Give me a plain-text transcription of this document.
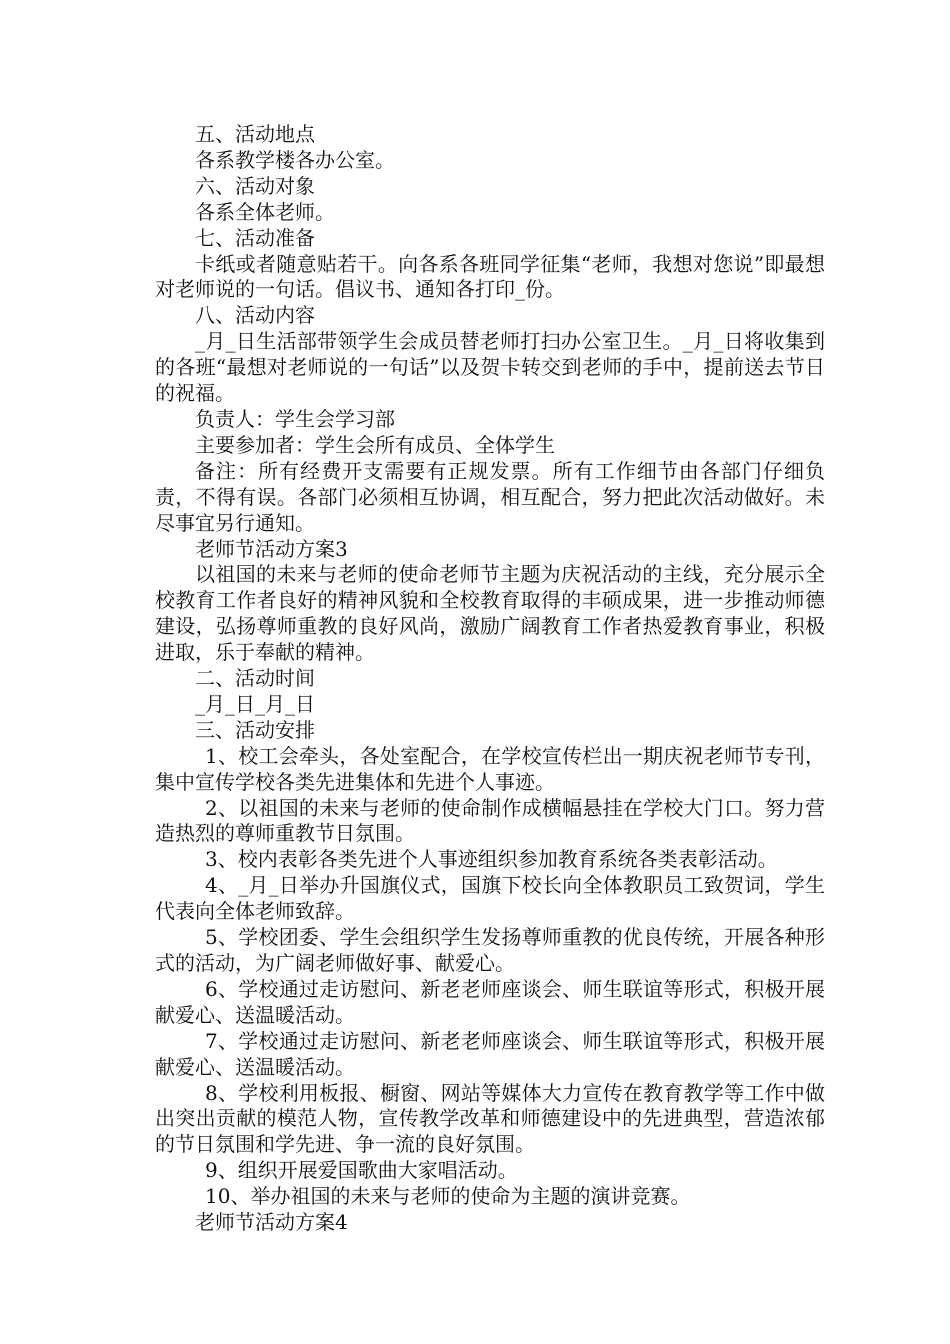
五、活动地点

各系教学楼各办公室。

六、活动对象

各系全体老师。

七、活动准备

卡纸或者随意贴若干。向各系各班同学征集“老师，我想对您说”即最想对老师说的一句话。倡议书、通知各打印_份。

八、活动内容

_月_日生活部带领学生会成员替老师打扫办公室卫生。_月_日将收集到的各班“最想对老师说的一句话”以及贺卡转交到老师的手中，提前送去节日的祝福。

负责人：学生会学习部

主要参加者：学生会所有成员、全体学生

备注：所有经费开支需要有正规发票。所有工作细节由各部门仔细负责，不得有误。各部门必须相互协调，相互配合，努力把此次活动做好。未尽事宜另行通知。

老师节活动方案3

以祖国的未来与老师的使命老师节主题为庆祝活动的主线，充分展示全校教育工作者良好的精神风貌和全校教育取得的丰硕成果，进一步推动师德建设，弘扬尊师重教的良好风尚，激励广阔教育工作者热爱教育事业，积极进取，乐于奉献的精神。

二、活动时间

_月_日_月_日

三、活动安排

1、校工会牵头，各处室配合，在学校宣传栏出一期庆祝老师节专刊，集中宣传学校各类先进集体和先进个人事迹。

2、以祖国的未来与老师的使命制作成横幅悬挂在学校大门口。努力营造热烈的尊师重教节日氛围。

3、校内表彰各类先进个人事迹组织参加教育系统各类表彰活动。

4、_月_日举办升国旗仪式，国旗下校长向全体教职员工致贺词，学生代表向全体老师致辞。

5、学校团委、学生会组织学生发扬尊师重教的优良传统，开展各种形式的活动，为广阔老师做好事、献爱心。

6、学校通过走访慰问、新老老师座谈会、师生联谊等形式，积极开展献爱心、送温暖活动。

7、学校通过走访慰问、新老老师座谈会、师生联谊等形式，积极开展献爱心、送温暖活动。

8、学校利用板报、橱窗、网站等媒体大力宣传在教育教学等工作中做出突出贡献的模范人物，宣传教学改革和师德建设中的先进典型，营造浓郁的节日氛围和学先进、争一流的良好氛围。

9、组织开展爱国歌曲大家唱活动。

10、举办祖国的未来与老师的使命为主题的演讲竞赛。

老师节活动方案4
